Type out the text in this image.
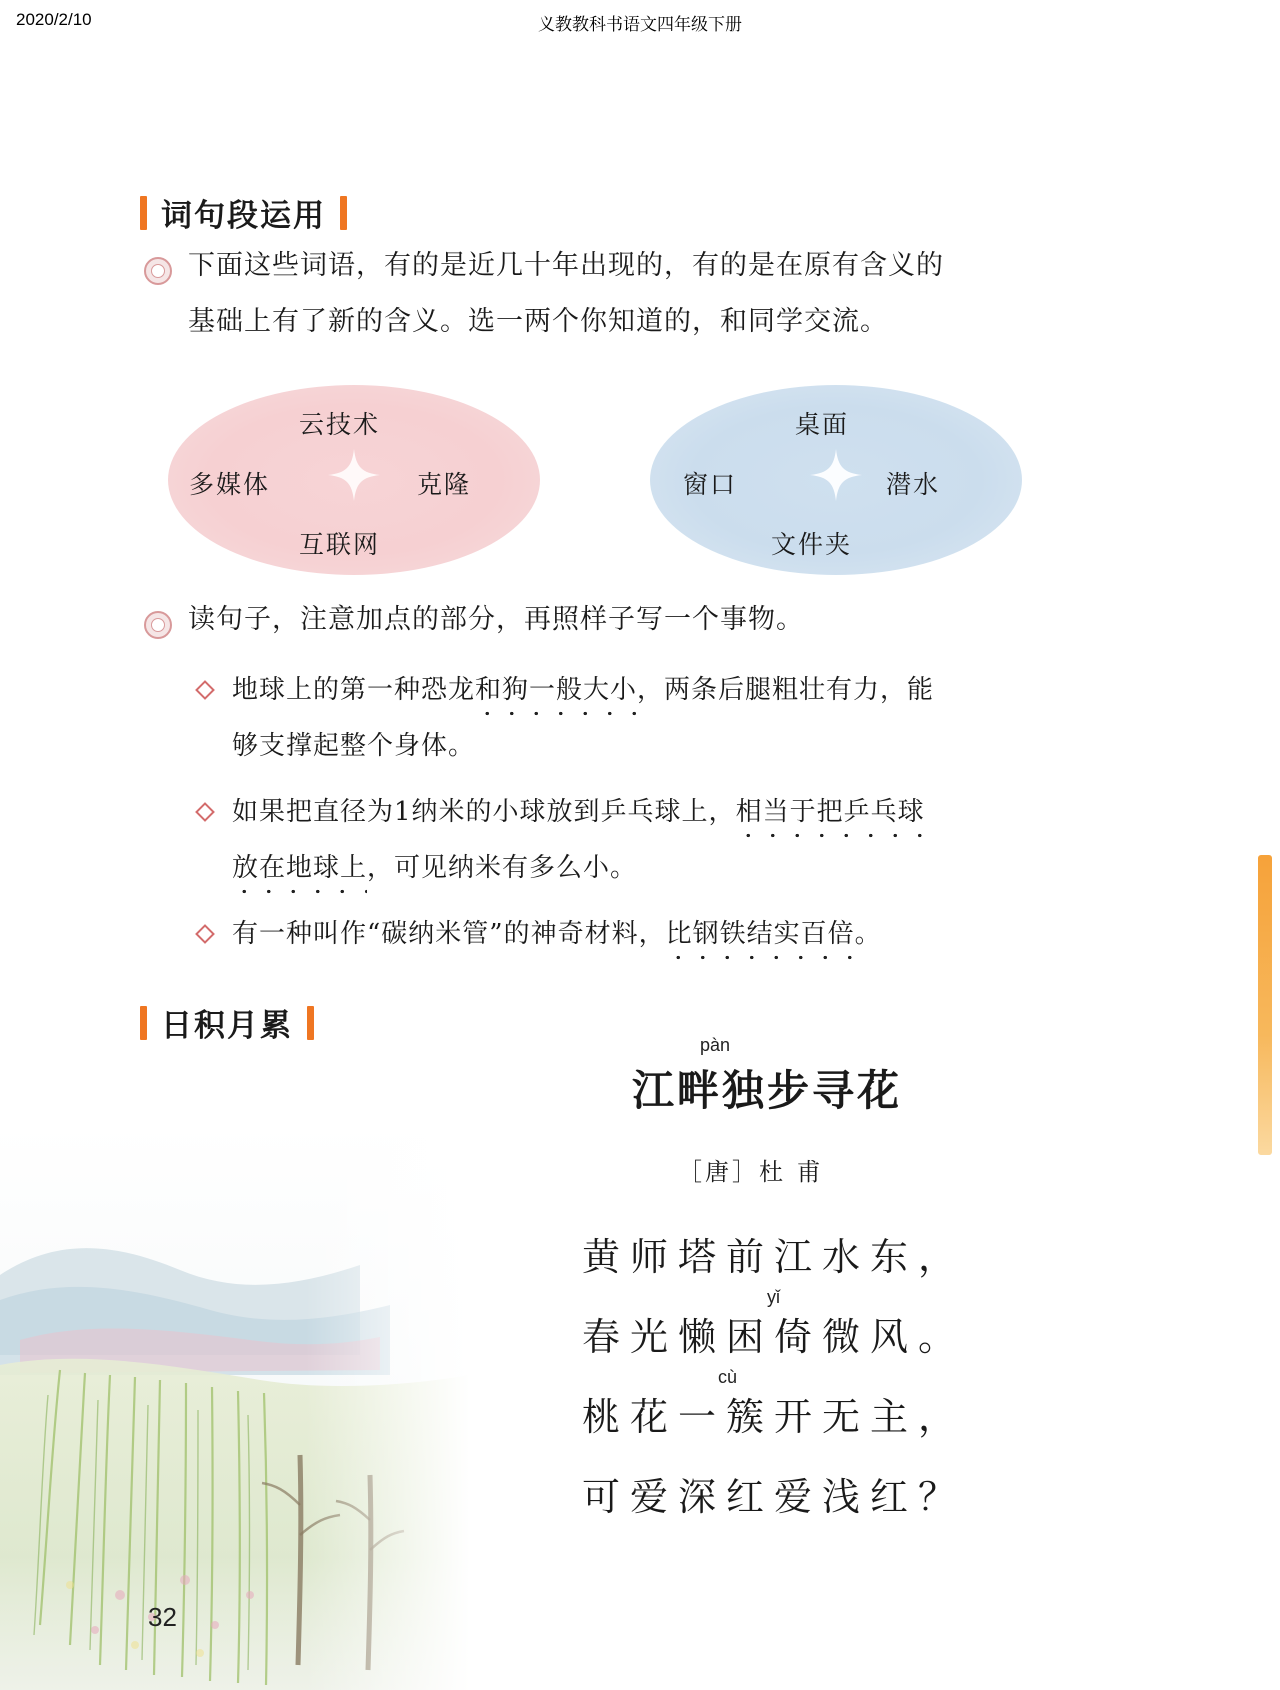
2020/2/10	义教教科书语文四年级下册
词句段运用
下面这些词语，有的是近几十年出现的，有的是在原有含义的
基础上有了新的含义。选一两个你知道的，和同学交流。
云技术
多媒体	克隆
互联网
桌面
窗口	潜水
文件夹
读句子，注意加点的部分，再照样子写一个事物。
地球上的第一种恐龙和狗一般大小，两条后腿粗壮有力，能
够支撑起整个身体。
如果把直径为1纳米的小球放到乒乓球上，相当于把乒乓球
放在地球上，可见纳米有多么小。
有一种叫作“碳纳米管”的神奇材料，比钢铁结实百倍。
日积月累
pàn
江畔独步寻花
［唐］杜 甫
黄师塔前江水东，
yǐ
春光懒困倚微风。
cù
桃花一簇开无主，
可爱深红爱浅红？
32
